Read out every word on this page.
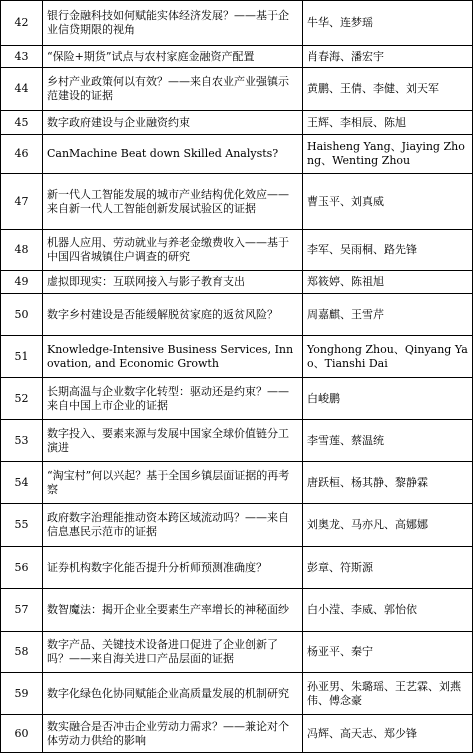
42	银行金融科技如何赋能实体经济发展？——基于企业信贷期限的视角	牛华、连梦瑶
43	“保险+期货”试点与农村家庭金融资产配置	肖春海、潘宏宇
44	乡村产业政策何以有效？——来自农业产业强镇示范建设的证据	黄鹏、王倩、李健、刘天军
45	数字政府建设与企业融资约束	王辉、李相辰、陈旭
46	CanMachine Beat down Skilled Analysts?	Haisheng Yang、Jiaying Zhong、Wenting Zhou
47	新一代人工智能发展的城市产业结构优化效应——来自新一代人工智能创新发展试验区的证据	曹玉平、刘真威
48	机器人应用、劳动就业与养老金缴费收入——基于中国四省城镇住户调查的研究	李军、吴雨桐、路先锋
49	虚拟即现实：互联网接入与影子教育支出	郑筱婷、陈祖旭
50	数字乡村建设是否能缓解脱贫家庭的返贫风险？	周嘉麒、王雪芹
51	Knowledge-Intensive Business Services, Innovation, and Economic Growth	Yonghong Zhou、Qinyang Yao、Tianshi Dai
52	长期高温与企业数字化转型：驱动还是约束？——来自中国上市企业的证据	白峻鹏
53	数字投入、要素来源与发展中国家全球价值链分工演进	李雪莲、蔡温统
54	“淘宝村”何以兴起？基于全国乡镇层面证据的再考察	唐跃桓、杨其静、黎静霖
55	政府数字治理能推动资本跨区域流动吗？——来自信息惠民示范市的证据	刘奥龙、马亦凡、高娜娜
56	证券机构数字化能否提升分析师预测准确度？	彭章、符斯源
57	数智魔法：揭开企业全要素生产率增长的神秘面纱	白小滢、李威、郭怡依
58	数字产品、关键技术设备进口促进了企业创新了吗？——来自海关进口产品层面的证据	杨亚平、秦宁
59	数字化绿色化协同赋能企业高质量发展的机制研究	孙亚男、朱璐瑶、王艺霖、刘燕伟、傅念豪
60	数实融合是否冲击企业劳动力需求？——兼论对个体劳动力供给的影响	冯辉、高天志、郑少锋
